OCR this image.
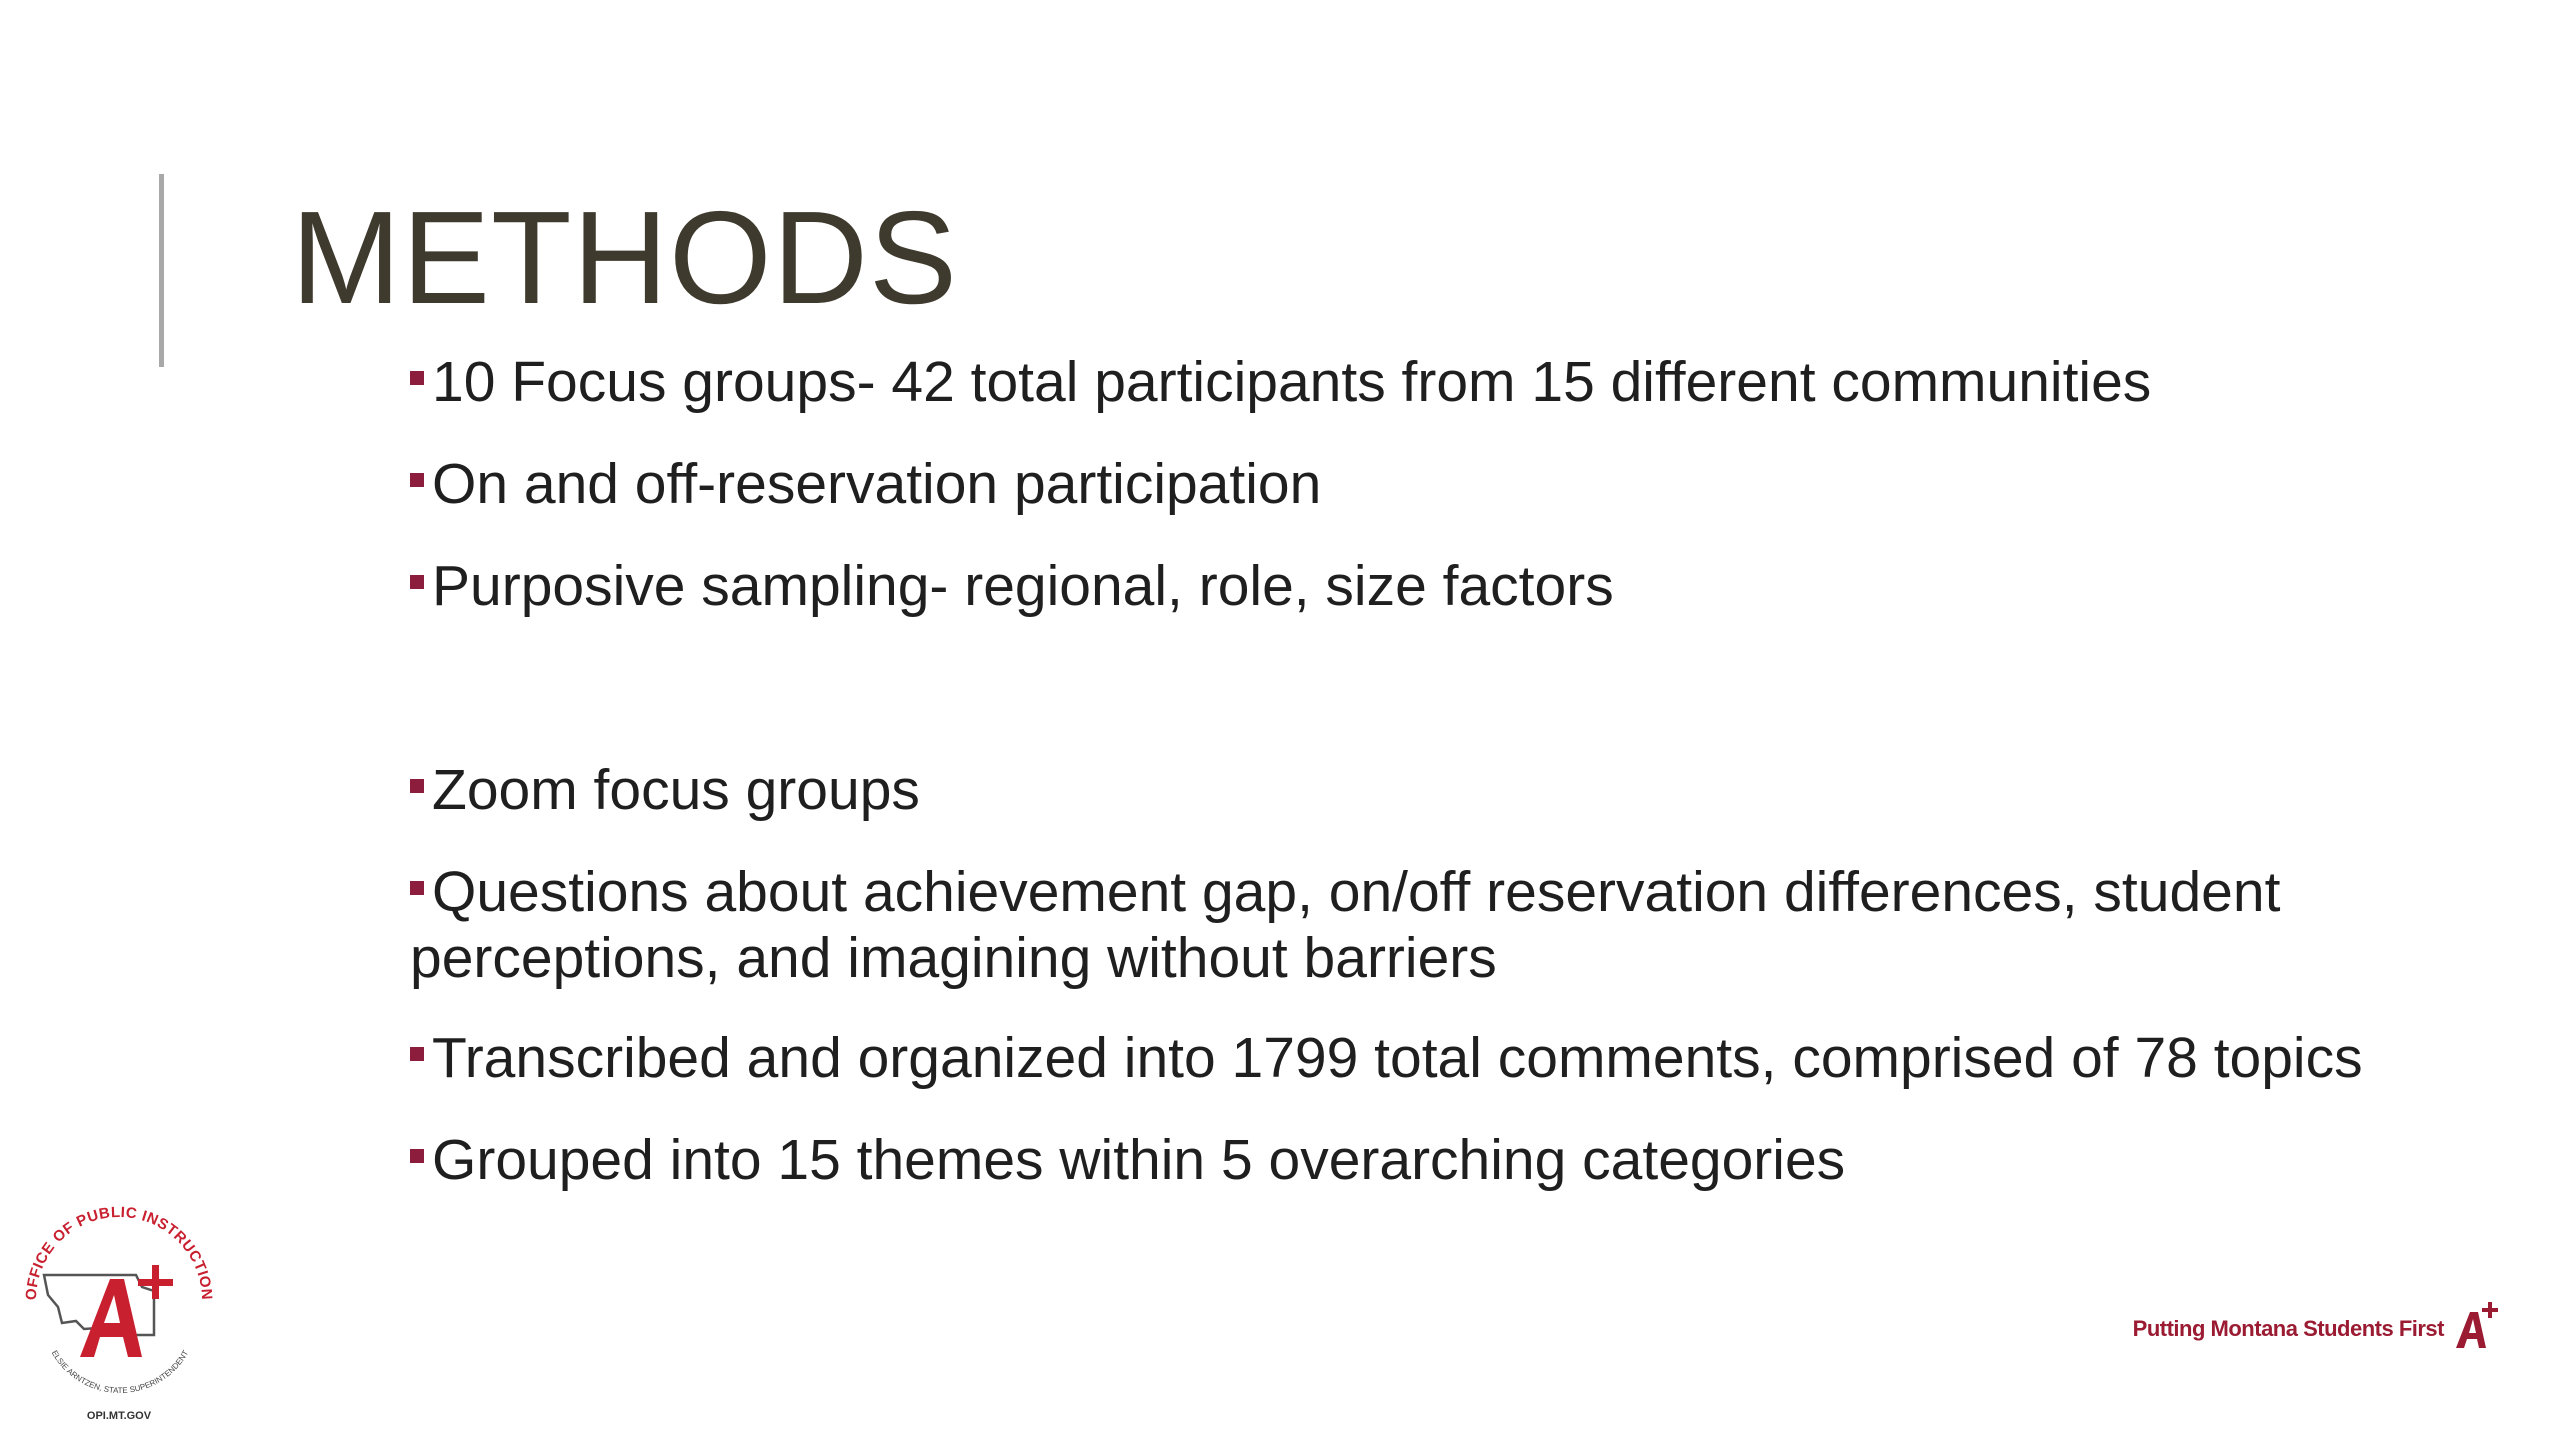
METHODS
10 Focus groups- 42 total participants from 15 different communities
On and off-reservation participation
Purposive sampling- regional, role, size factors
Zoom focus groups
Questions about achievement gap, on/off reservation differences, student perceptions, and imagining without barriers
Transcribed and organized into 1799 total comments, comprised of 78 topics
Grouped into 15 themes within 5 overarching categories
OFFICE OF PUBLIC INSTRUCTION
ELSIE ARNTZEN, STATE SUPERINTENDENT
OPI.MT.GOV
Putting Montana Students First
